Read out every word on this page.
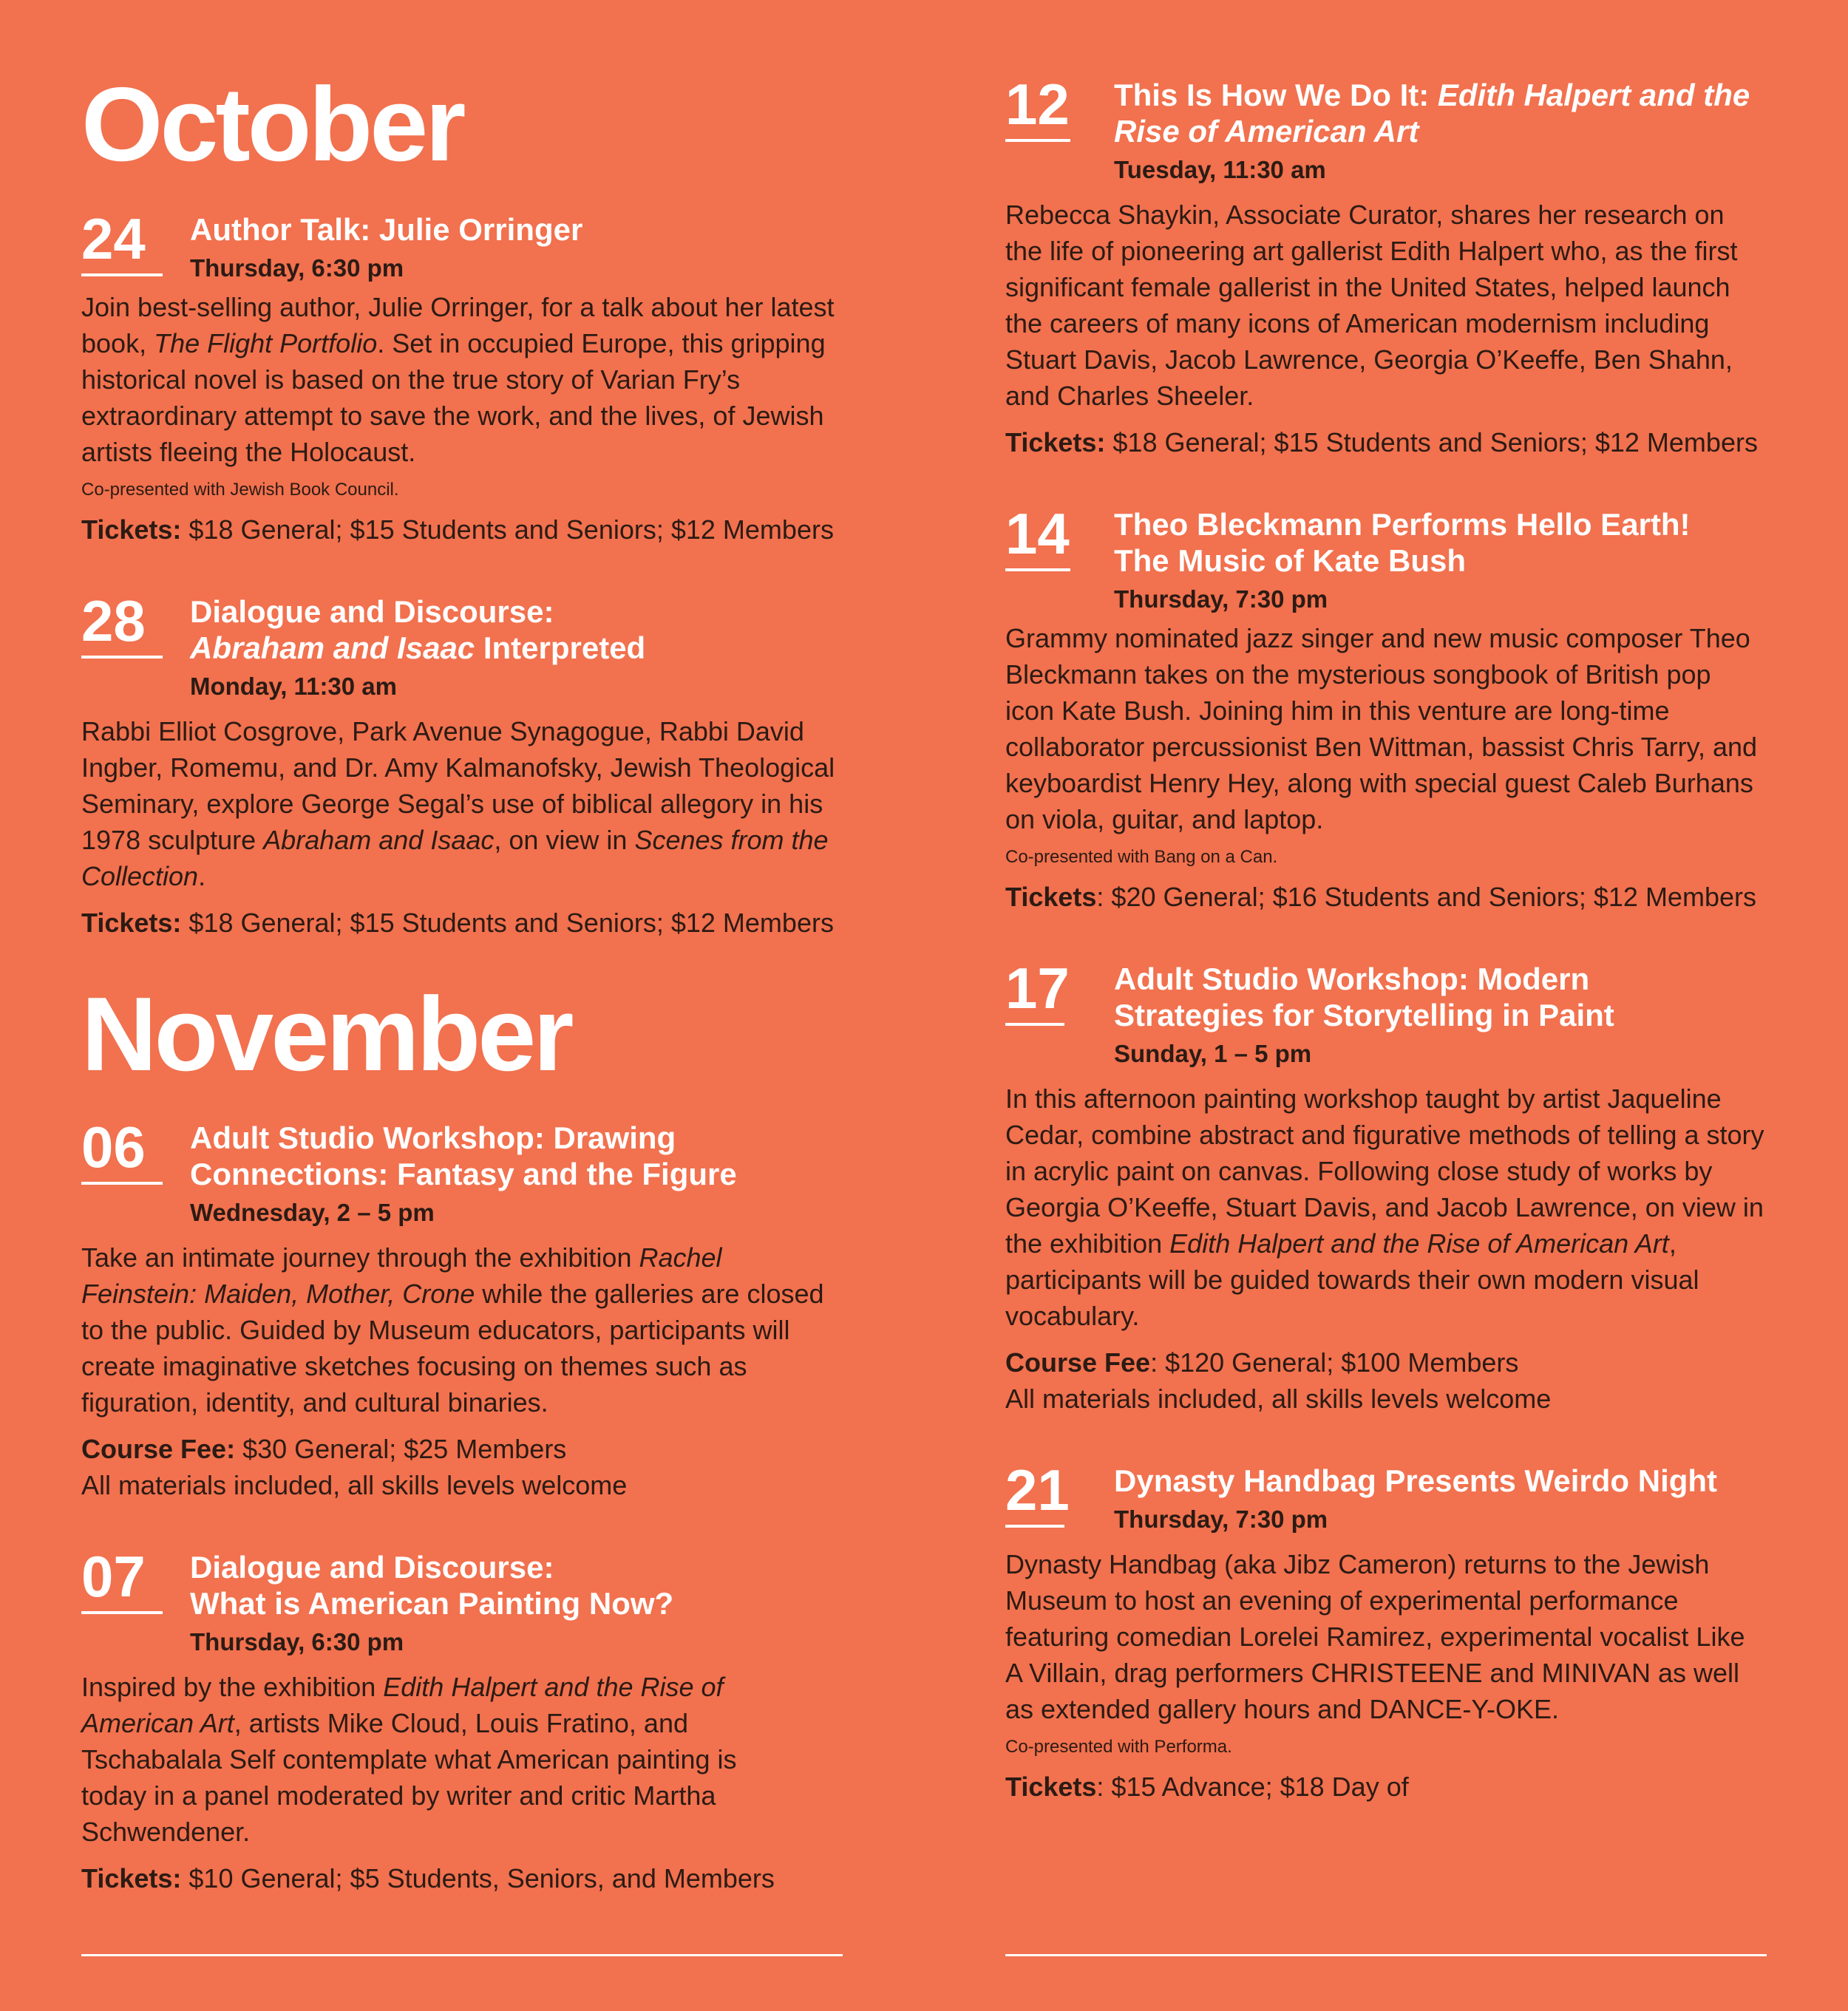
October
24	Author Talk: Julie Orringer
Thursday, 6:30 pm

Join best-selling author, Julie Orringer, for a talk about her latest book, The Flight Portfolio. Set in occupied Europe, this gripping historical novel is based on the true story of Varian Fry’s extraordinary attempt to save the work, and the lives, of Jewish artists fleeing the Holocaust.

Co-presented with Jewish Book Council.
Tickets: $18 General; $15 Students and Seniors; $12 Members
28	Dialogue and Discourse:
Abraham and Isaac Interpreted
Monday, 11:30 am

Rabbi Elliot Cosgrove, Park Avenue Synagogue, Rabbi David Ingber, Romemu, and Dr. Amy Kalmanofsky, Jewish Theological Seminary, explore George Segal’s use of biblical allegory in his 1978 sculpture Abraham and Isaac, on view in Scenes from the Collection.

Tickets: $18 General; $15 Students and Seniors; $12 Members
November
06	Adult Studio Workshop: Drawing Connections: Fantasy and the Figure
Wednesday, 2 – 5 pm

Take an intimate journey through the exhibition Rachel Feinstein: Maiden, Mother, Crone while the galleries are closed to the public. Guided by Museum educators, participants will create imaginative sketches focusing on themes such as figuration, identity, and cultural binaries.

Course Fee: $30 General; $25 Members
All materials included, all skills levels welcome
07	Dialogue and Discourse:
What is American Painting Now?
Thursday, 6:30 pm

Inspired by the exhibition Edith Halpert and the Rise of American Art, artists Mike Cloud, Louis Fratino, and Tschabalala Self contemplate what American painting is today in a panel moderated by writer and critic Martha Schwendener.

Tickets: $10 General; $5 Students, Seniors, and Members
12 This Is How We Do It: Edith Halpert and the Rise of American Art
Tuesday, 11:30 am

Rebecca Shaykin, Associate Curator, shares her research on the life of pioneering art gallerist Edith Halpert who, as the first significant female gallerist in the United States, helped launch the careers of many icons of American modernism including Stuart Davis, Jacob Lawrence, Georgia O’Keeffe, Ben Shahn, and Charles Sheeler.

Tickets: $18 General; $15 Students and Seniors; $12 Members
14 Theo Bleckmann Performs Hello Earth! The Music of Kate Bush
Thursday, 7:30 pm

Grammy nominated jazz singer and new music composer Theo Bleckmann takes on the mysterious songbook of British pop icon Kate Bush. Joining him in this venture are long-time collaborator percussionist Ben Wittman, bassist Chris Tarry, and keyboardist Henry Hey, along with special guest Caleb Burhans on viola, guitar, and laptop.

Co-presented with Bang on a Can.
Tickets: $20 General; $16 Students and Seniors; $12 Members
17 Adult Studio Workshop: Modern Strategies for Storytelling in Paint
Sunday, 1 – 5 pm

In this afternoon painting workshop taught by artist Jaqueline Cedar, combine abstract and figurative methods of telling a story in acrylic paint on canvas. Following close study of works by Georgia O’Keeffe, Stuart Davis, and Jacob Lawrence, on view in the exhibition Edith Halpert and the Rise of American Art, participants will be guided towards their own modern visual vocabulary.

Course Fee: $120 General; $100 Members
All materials included, all skills levels welcome
21 Dynasty Handbag Presents Weirdo Night
Thursday, 7:30 pm

Dynasty Handbag (aka Jibz Cameron) returns to the Jewish Museum to host an evening of experimental performance featuring comedian Lorelei Ramirez, experimental vocalist Like A Villain, drag performers CHRISTEENE and MINIVAN as well as extended gallery hours and DANCE-Y-OKE.

Co-presented with Performa.
Tickets: $15 Advance; $18 Day of
